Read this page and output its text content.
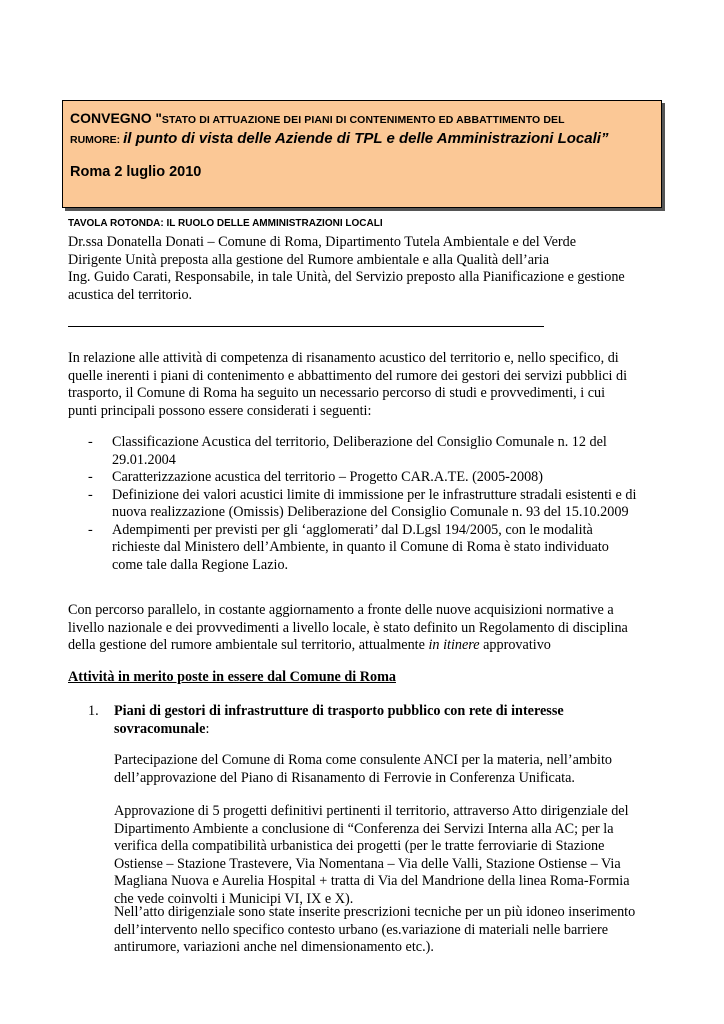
CONVEGNO "STATO DI ATTUAZIONE DEI PIANI DI CONTENIMENTO ED ABBATTIMENTO DEL
RUMORE: il punto di vista delle Aziende di TPL e delle Amministrazioni Locali”
Roma 2 luglio 2010
TAVOLA ROTONDA: IL RUOLO DELLE AMMINISTRAZIONI LOCALI
Dr.ssa Donatella Donati – Comune di Roma, Dipartimento Tutela Ambientale e del Verde
Dirigente Unità preposta alla gestione del Rumore ambientale e alla Qualità dell’aria
Ing. Guido Carati, Responsabile, in tale Unità, del Servizio preposto alla Pianificazione e gestione
acustica del territorio.
In relazione alle attività di competenza di risanamento acustico del territorio e, nello specifico, di
quelle inerenti i piani di contenimento e abbattimento del rumore dei gestori dei servizi pubblici di
trasporto, il Comune di Roma ha seguito un necessario percorso di studi e provvedimenti, i cui
punti principali possono essere considerati i seguenti:
- Classificazione Acustica del territorio, Deliberazione del Consiglio Comunale n. 12 del
29.01.2004
- Caratterizzazione acustica del territorio – Progetto CAR.A.TE. (2005-2008)
- Definizione dei valori acustici limite di immissione per le infrastrutture stradali esistenti e di
nuova realizzazione (Omissis) Deliberazione del Consiglio Comunale n. 93 del 15.10.2009
- Adempimenti per previsti per gli ‘agglomerati’ dal D.Lgsl 194/2005, con le modalità
richieste dal Ministero dell’Ambiente, in quanto il Comune di Roma è stato individuato
come tale dalla Regione Lazio.
Con percorso parallelo, in costante aggiornamento a fronte delle nuove acquisizioni normative a
livello nazionale e dei provvedimenti a livello locale, è stato definito un Regolamento di disciplina
della gestione del rumore ambientale sul territorio, attualmente in itinere approvativo
Attività in merito poste in essere dal Comune di Roma
1. Piani di gestori di infrastrutture di trasporto pubblico con rete di interesse
sovracomunale:
Partecipazione del Comune di Roma come consulente ANCI per la materia, nell’ambito
dell’approvazione del Piano di Risanamento di Ferrovie in Conferenza Unificata.
Approvazione di 5 progetti definitivi pertinenti il territorio, attraverso Atto dirigenziale del
Dipartimento Ambiente a conclusione di “Conferenza dei Servizi Interna alla AC; per la
verifica della compatibilità urbanistica dei progetti (per le tratte ferroviarie di Stazione
Ostiense – Stazione Trastevere, Via Nomentana – Via delle Valli, Stazione Ostiense – Via
Magliana Nuova e Aurelia Hospital + tratta di Via del Mandrione della linea Roma-Formia
che vede coinvolti i Municipi VI, IX e X).
Nell’atto dirigenziale sono state inserite prescrizioni tecniche per un più idoneo inserimento
dell’intervento nello specifico contesto urbano (es.variazione di materiali nelle barriere
antirumore, variazioni anche nel dimensionamento etc.).
